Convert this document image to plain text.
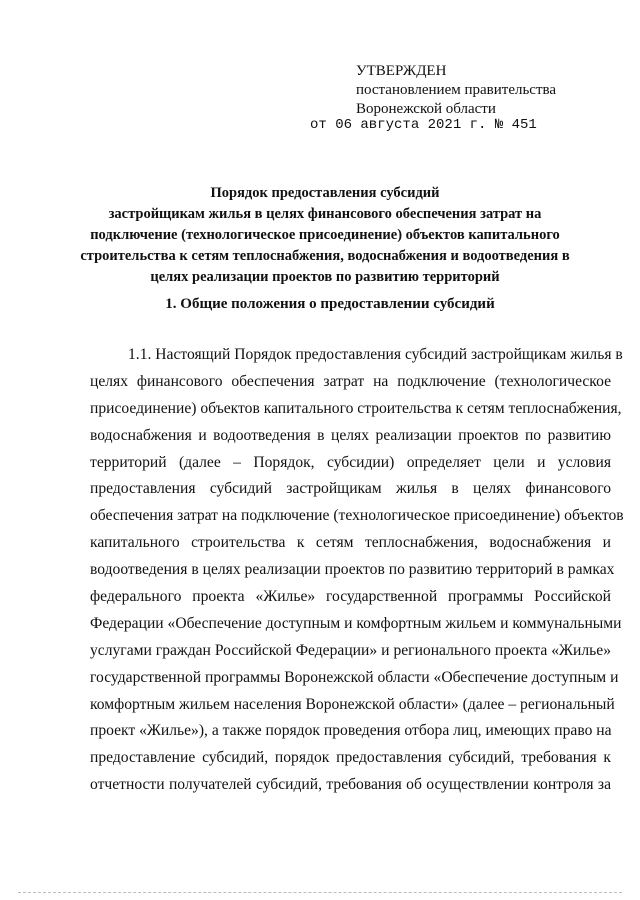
УТВЕРЖДЕН
постановлением правительства
Воронежской области
от 06 августа 2021 г. № 451
Порядок предоставления субсидий
застройщикам жилья в целях финансового обеспечения затрат на
подключение (технологическое присоединение) объектов капитального
строительства к сетям теплоснабжения, водоснабжения и водоотведения в
целях реализации проектов по развитию территорий
1. Общие положения о предоставлении субсидий
1.1. Настоящий Порядок предоставления субсидий застройщикам жилья в
целях финансового обеспечения затрат на подключение (технологическое
присоединение) объектов капитального строительства к сетям теплоснабжения,
водоснабжения и водоотведения в целях реализации проектов по развитию
территорий (далее – Порядок, субсидии) определяет цели и условия
предоставления субсидий застройщикам жилья в целях финансового
обеспечения затрат на подключение (технологическое присоединение) объектов
капитального строительства к сетям теплоснабжения, водоснабжения и
водоотведения в целях реализации проектов по развитию территорий в рамках
федерального проекта «Жилье» государственной программы Российской
Федерации «Обеспечение доступным и комфортным жильем и коммунальными
услугами граждан Российской Федерации» и регионального проекта «Жилье»
государственной программы Воронежской области «Обеспечение доступным и
комфортным жильем населения Воронежской области» (далее – региональный
проект «Жилье»), а также порядок проведения отбора лиц, имеющих право на
предоставление субсидий, порядок предоставления субсидий, требования к
отчетности получателей субсидий, требования об осуществлении контроля за
